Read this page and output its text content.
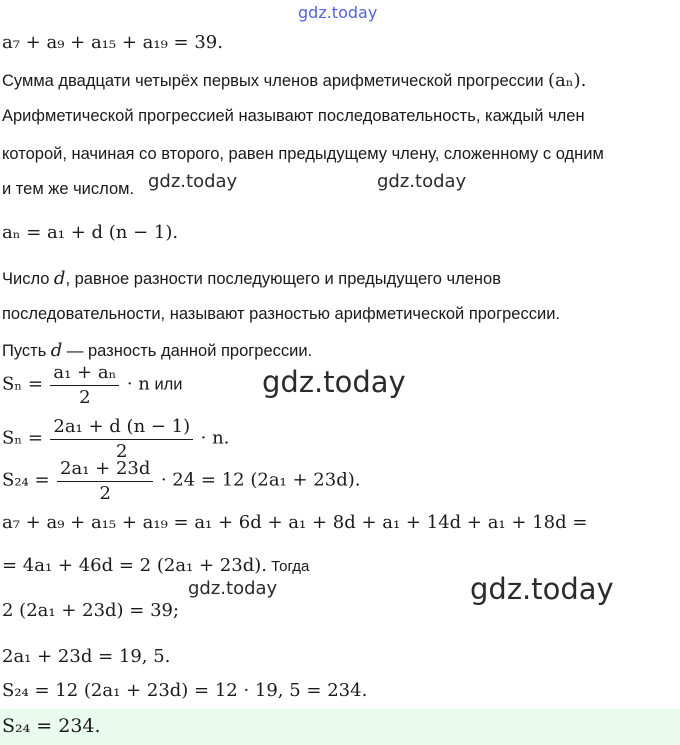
gdz.today
a₇ + a₉ + a₁₅ + a₁₉ = 39.
Сумма двадцати четырёх первых членов арифметической прогрессии (aₙ).
Арифметической прогрессией называют последовательность, каждый член
которой, начиная со второго, равен предыдущему члену, сложенному с одним
и тем же числом. gdz.today	gdz.today
aₙ = a₁ + d (n − 1).
Число d, равное разности последующего и предыдущего членов
последовательности, называют разностью арифметической прогрессии.
Пусть d — разность данной прогрессии.
$S_n = \frac{\text{a₁ + aₙ}}{2} \cdot n$ или	gdz.today
$S_n = \frac{\text{2a₁ + d (n − 1)}}{2} \cdot n$.
$S_{24} = \frac{\text{2a₁ + 23d}}{2} \cdot 24 = 12$ (2a₁ + 23d).
a₇ + a₉ + a₁₅ + a₁₉ = a₁ + 6d + a₁ + 8d + a₁ + 14d + a₁ + 18d =
= 4a₁ + 46d = 2 (2a₁ + 23d). Тогда
gdz.today	gdz.today
2 (2a₁ + 23d) = 39;
2a₁ + 23d = 19, 5.
S₂₄ = 12 (2a₁ + 23d) = 12 · 19, 5 = 234.
S₂₄ = 234.
